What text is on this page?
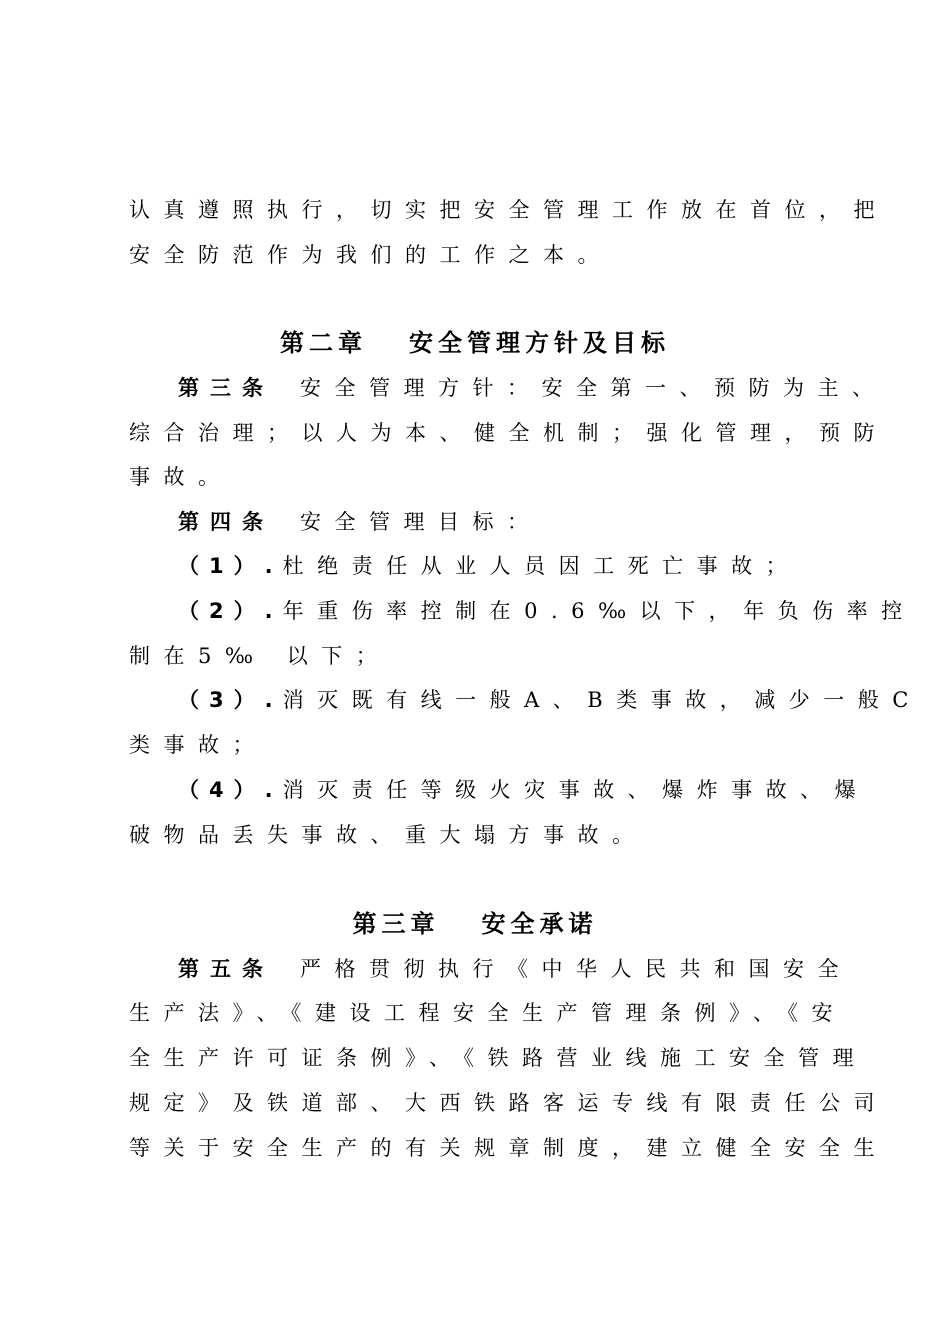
认真遵照执行，切实把安全管理工作放在首位，把
安全防范作为我们的工作之本。
第二章 安全管理方针及目标
第三条 安全管理方针：安全第一、预防为主、
综合治理；以人为本、健全机制；强化管理，预防
事故。
第四条 安全管理目标：
（1）.杜绝责任从业人员因工死亡事故；
（2）.年重伤率控制在0.6‰以下，年负伤率控
制在5‰ 以下；
（3）.消灭既有线一般A、B类事故，减少一般C
类事故；
（4）.消灭责任等级火灾事故、爆炸事故、爆
破物品丢失事故、重大塌方事故。
第三章 安全承诺
第五条 严格贯彻执行《中华人民共和国安全
生产法》、《建设工程安全生产管理条例》、《安
全生产许可证条例》、《铁路营业线施工安全管理
规定》及铁道部、大西铁路客运专线有限责任公司
等关于安全生产的有关规章制度，建立健全安全生
